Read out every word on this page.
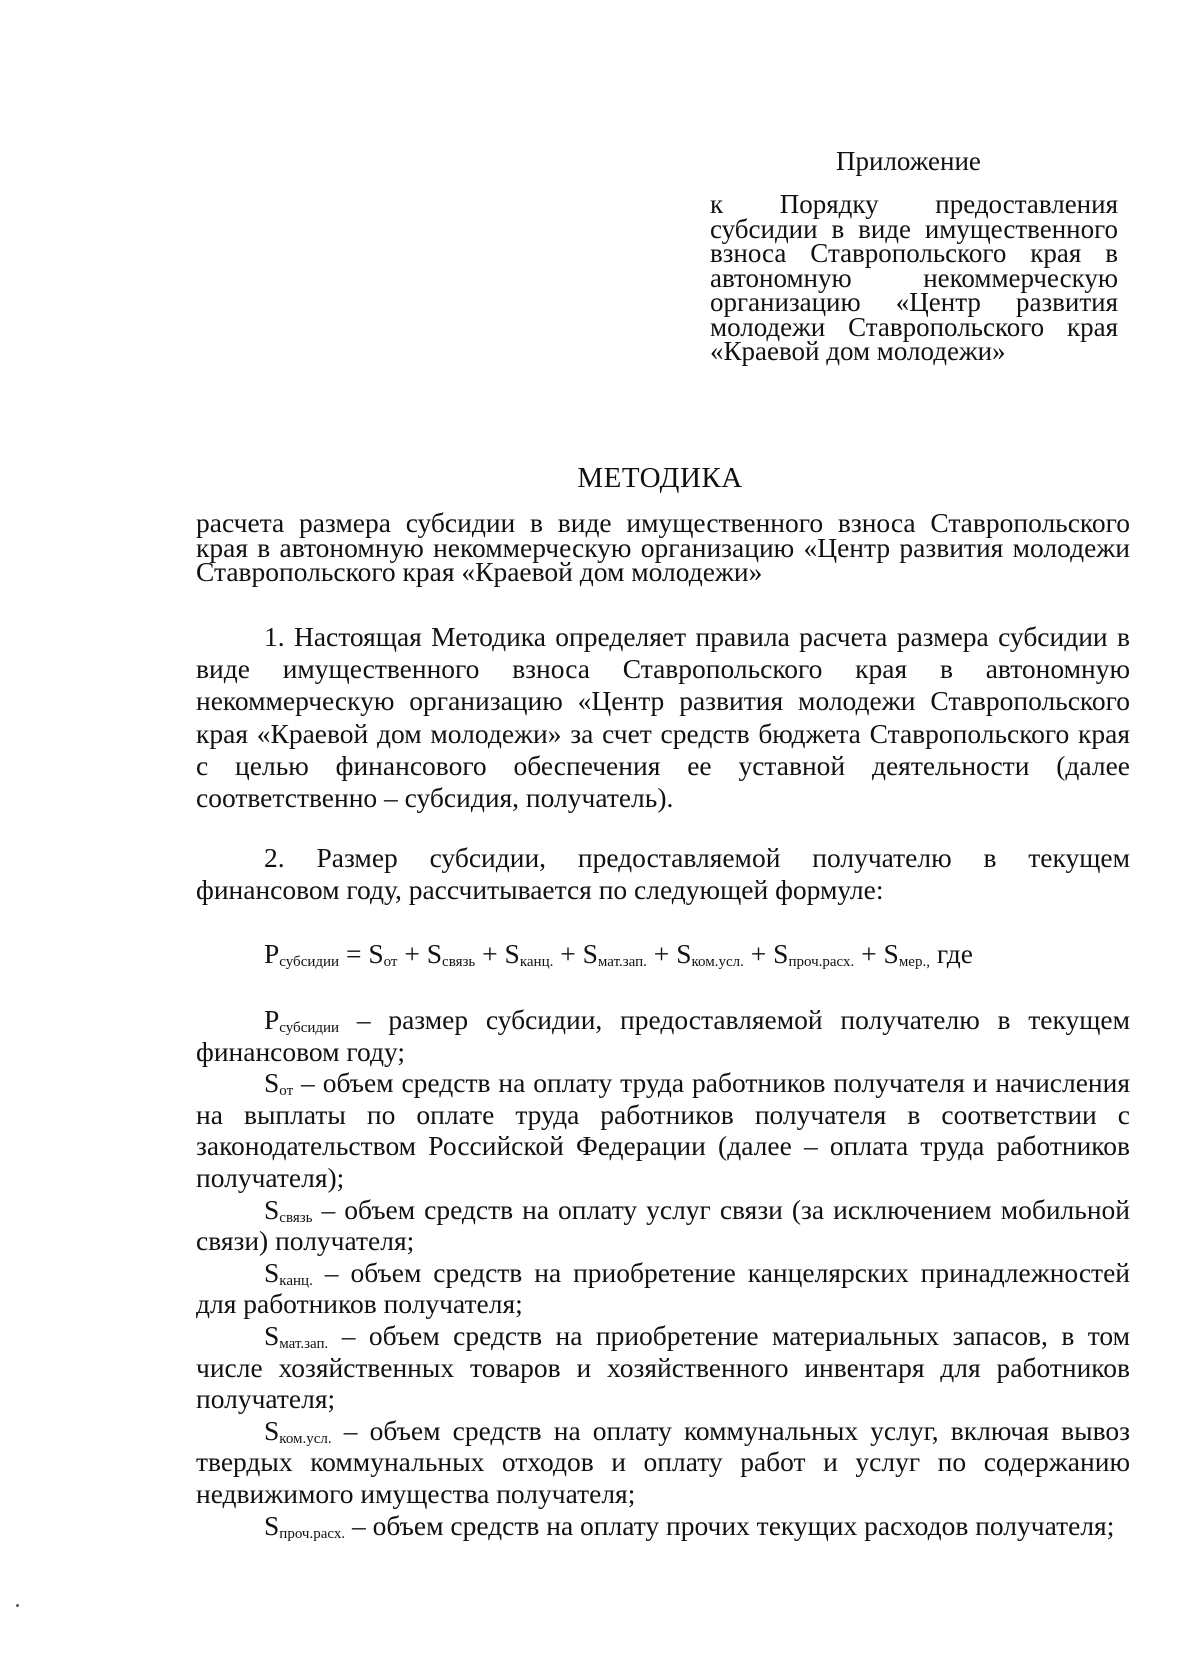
Приложение
к Порядку предоставления субсидии в виде имущественного взноса Ставропольского края в автономную некоммерческую организацию «Центр развития молодежи Ставропольского края «Краевой дом молодежи»
МЕТОДИКА
расчета размера субсидии в виде имущественного взноса Ставропольского края в автономную некоммерческую организацию «Центр развития молодежи Ставропольского края «Краевой дом молодежи»

1. Настоящая Методика определяет правила расчета размера субсидии в виде имущественного взноса Ставропольского края в автономную некоммерческую организацию «Центр развития молодежи Ставропольского края «Краевой дом молодежи» за счет средств бюджета Ставропольского края с целью финансового обеспечения ее уставной деятельности (далее соответственно – субсидия, получатель).

2. Размер субсидии, предоставляемой получателю в текущем финансовом году, рассчитывается по следующей формуле:

$P_{субсидии} = S_{от} + S_{связь} + S_{канц.} + S_{мат.зап.} + S_{ком.усл.} + S_{проч.расх.} + S_{мер.,}$ где

$P_{субсидии}$ – размер субсидии, предоставляемой получателю в текущем финансовом году;

$S_{от}$ – объем средств на оплату труда работников получателя и начисления на выплаты по оплате труда работников получателя в соответствии с законодательством Российской Федерации (далее – оплата труда работников получателя);

$S_{связь}$ – объем средств на оплату услуг связи (за исключением мобильной связи) получателя;

$S_{канц.}$ – объем средств на приобретение канцелярских принадлежностей для работников получателя;

$S_{мат.зап.}$ – объем средств на приобретение материальных запасов, в том числе хозяйственных товаров и хозяйственного инвентаря для работников получателя;

$S_{ком.усл.}$ – объем средств на оплату коммунальных услуг, включая вывоз твердых коммунальных отходов и оплату работ и услуг по содержанию недвижимого имущества получателя;

$S_{проч.расх.}$ – объем средств на оплату прочих текущих расходов получателя;
